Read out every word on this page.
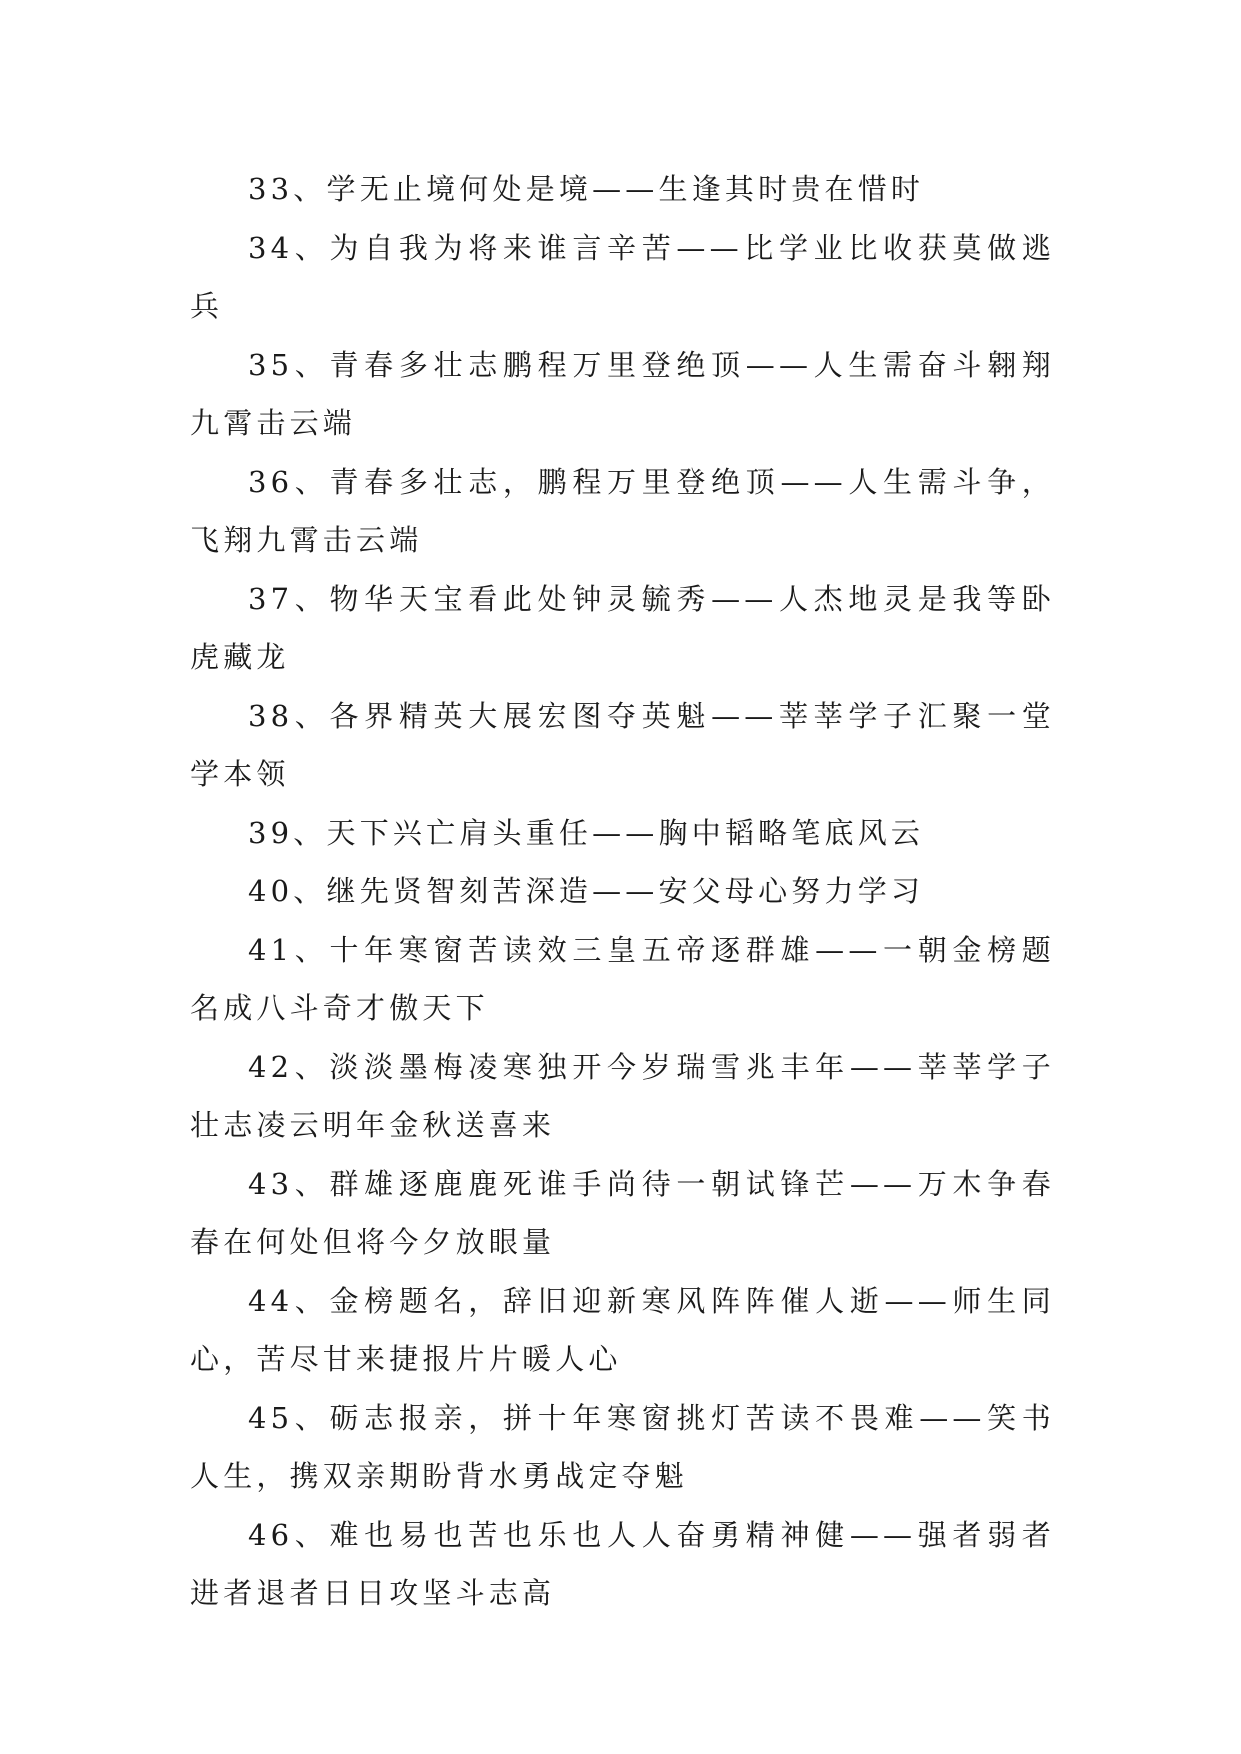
33、学无止境何处是境——生逢其时贵在惜时

34、为自我为将来谁言辛苦——比学业比收获莫做逃兵

35、青春多壮志鹏程万里登绝顶——人生需奋斗翱翔九霄击云端

36、青春多壮志，鹏程万里登绝顶——人生需斗争，飞翔九霄击云端

37、物华天宝看此处钟灵毓秀——人杰地灵是我等卧虎藏龙

38、各界精英大展宏图夺英魁——莘莘学子汇聚一堂学本领

39、天下兴亡肩头重任——胸中韬略笔底风云

40、继先贤智刻苦深造——安父母心努力学习

41、十年寒窗苦读效三皇五帝逐群雄——一朝金榜题名成八斗奇才傲天下

42、淡淡墨梅凌寒独开今岁瑞雪兆丰年——莘莘学子壮志凌云明年金秋送喜来

43、群雄逐鹿鹿死谁手尚待一朝试锋芒——万木争春春在何处但将今夕放眼量

44、金榜题名，辞旧迎新寒风阵阵催人逝——师生同心，苦尽甘来捷报片片暖人心

45、砺志报亲，拼十年寒窗挑灯苦读不畏难——笑书人生，携双亲期盼背水勇战定夺魁

46、难也易也苦也乐也人人奋勇精神健——强者弱者进者退者日日攻坚斗志高
